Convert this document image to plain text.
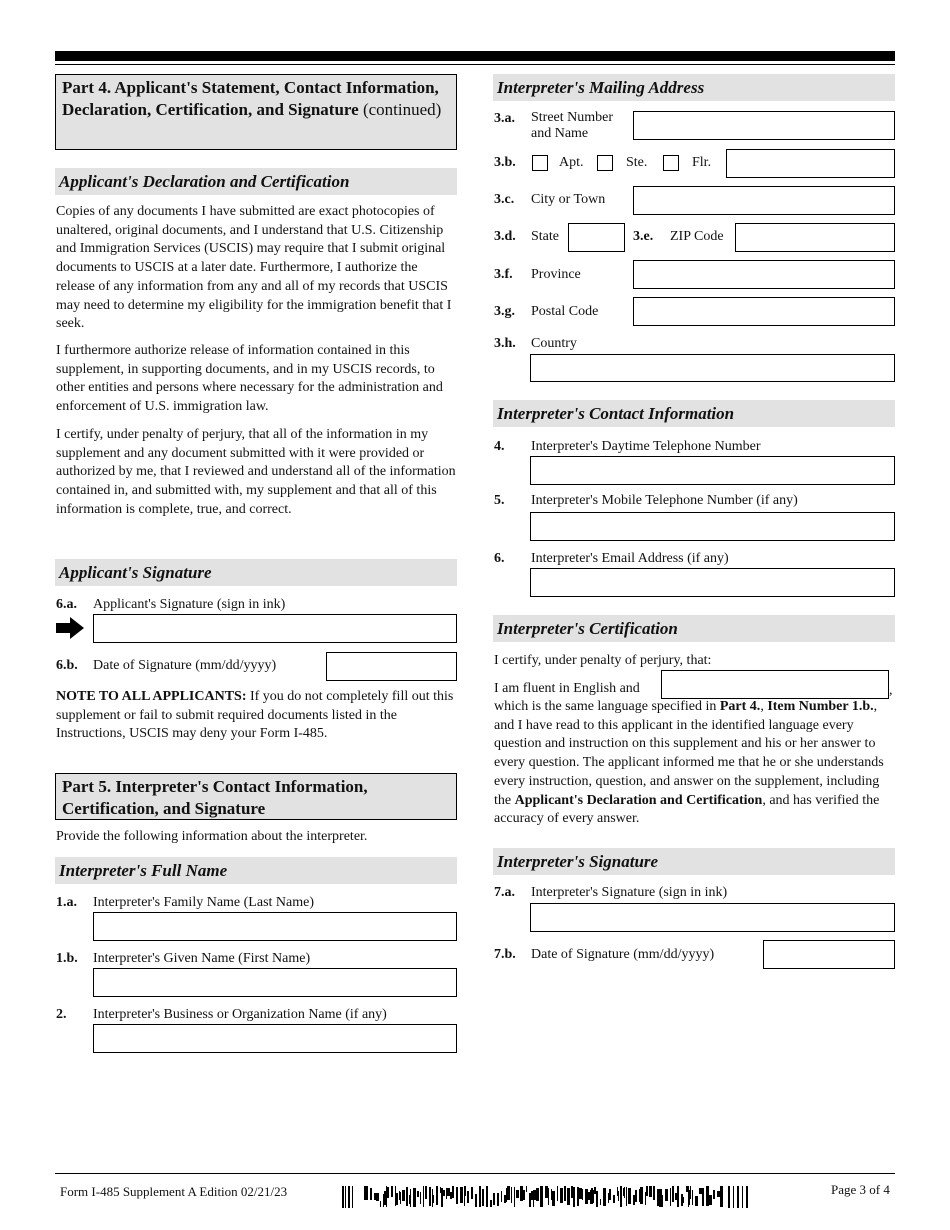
Part 4. Applicant's Statement, Contact Information, Declaration, Certification, and Signature (continued)
Applicant's Declaration and Certification
Copies of any documents I have submitted are exact photocopies of unaltered, original documents, and I understand that U.S. Citizenship and Immigration Services (USCIS) may require that I submit original documents to USCIS at a later date. Furthermore, I authorize the release of any information from any and all of my records that USCIS may need to determine my eligibility for the immigration benefit that I seek.
I furthermore authorize release of information contained in this supplement, in supporting documents, and in my USCIS records, to other entities and persons where necessary for the administration and enforcement of U.S. immigration law.
I certify, under penalty of perjury, that all of the information in my supplement and any document submitted with it were provided or authorized by me, that I reviewed and understand all of the information contained in, and submitted with, my supplement and that all of this information is complete, true, and correct.
Applicant's Signature
6.a. Applicant's Signature (sign in ink)
6.b. Date of Signature (mm/dd/yyyy)
NOTE TO ALL APPLICANTS: If you do not completely fill out this supplement or fail to submit required documents listed in the Instructions, USCIS may deny your Form I-485.
Part 5. Interpreter's Contact Information, Certification, and Signature
Provide the following information about the interpreter.
Interpreter's Full Name
1.a. Interpreter's Family Name (Last Name)
1.b. Interpreter's Given Name (First Name)
2. Interpreter's Business or Organization Name (if any)
Interpreter's Mailing Address
3.a. Street Number
and Name
3.b.	Apt.	Ste.	Flr.
3.c. City or Town
3.d. State	3.e. ZIP Code
3.f. Province
3.g. Postal Code
3.h. Country
Interpreter's Contact Information
4. Interpreter's Daytime Telephone Number
5. Interpreter's Mobile Telephone Number (if any)
6. Interpreter's Email Address (if any)
Interpreter's Certification
I certify, under penalty of perjury, that:
I am fluent in English and	,
which is the same language specified in Part 4., Item Number 1.b., and I have read to this applicant in the identified language every question and instruction on this supplement and his or her answer to every question. The applicant informed me that he or she understands every instruction, question, and answer on the supplement, including the Applicant's Declaration and Certification, and has verified the accuracy of every answer.
Interpreter's Signature
7.a. Interpreter's Signature (sign in ink)
7.b. Date of Signature (mm/dd/yyyy)
Form I-485 Supplement A Edition 02/21/23	Page 3 of 4
